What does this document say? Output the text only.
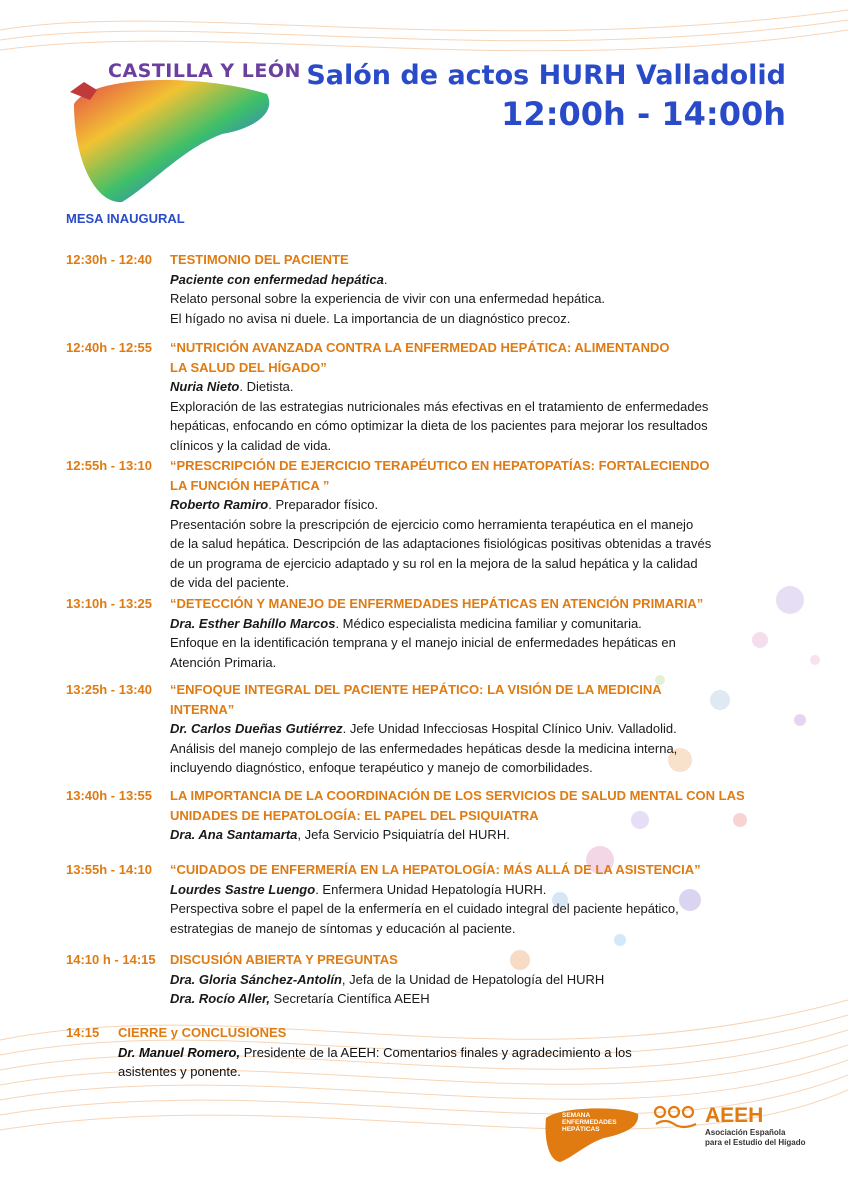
CASTILLA Y LEÓN Salón de actos HURH Valladolid
12:00h - 14:00h
MESA INAUGURAL
12:30h - 12:40 TESTIMONIO DEL PACIENTE
Paciente con enfermedad hepática.
Relato personal sobre la experiencia de vivir con una enfermedad hepática.
El hígado no avisa ni duele. La importancia de un diagnóstico precoz.
12:40h - 12:55 “NUTRICIÓN AVANZADA CONTRA LA ENFERMEDAD HEPÁTICA: ALIMENTANDO
LA SALUD DEL HÍGADO”
Nuria Nieto. Dietista.
Exploración de las estrategias nutricionales más efectivas en el tratamiento de enfermedades
hepáticas, enfocando en cómo optimizar la dieta de los pacientes para mejorar los resultados
clínicos y la calidad de vida.
12:55h - 13:10 “PRESCRIPCIÓN DE EJERCICIO TERAPÉUTICO EN HEPATOPATÍAS: FORTALECIENDO
LA FUNCIÓN HEPÁTICA ”
Roberto Ramiro. Preparador físico.
Presentación sobre la prescripción de ejercicio como herramienta terapéutica en el manejo
de la salud hepática. Descripción de las adaptaciones fisiológicas positivas obtenidas a través
de un programa de ejercicio adaptado y su rol en la mejora de la salud hepática y la calidad
de vida del paciente.
13:10h - 13:25 “DETECCIÓN Y MANEJO DE ENFERMEDADES HEPÁTICAS EN ATENCIÓN PRIMARIA”
Dra. Esther Bahíllo Marcos. Médico especialista medicina familiar y comunitaria.
Enfoque en la identificación temprana y el manejo inicial de enfermedades hepáticas en
Atención Primaria.
13:25h - 13:40 “ENFOQUE INTEGRAL DEL PACIENTE HEPÁTICO: LA VISIÓN DE LA MEDICINA
INTERNA”
Dr. Carlos Dueñas Gutiérrez. Jefe Unidad Infecciosas Hospital Clínico Univ. Valladolid.
Análisis del manejo complejo de las enfermedades hepáticas desde la medicina interna,
incluyendo diagnóstico, enfoque terapéutico y manejo de comorbilidades.
13:40h - 13:55 LA IMPORTANCIA DE LA COORDINACIÓN DE LOS SERVICIOS DE SALUD MENTAL CON LAS
UNIDADES DE HEPATOLOGÍA: EL PAPEL DEL PSIQUIATRA
Dra. Ana Santamarta, Jefa Servicio Psiquiatría del HURH.
13:55h - 14:10 “CUIDADOS DE ENFERMERÍA EN LA HEPATOLOGÍA: MÁS ALLÁ DE LA ASISTENCIA”
Lourdes Sastre Luengo. Enfermera Unidad Hepatología HURH.
Perspectiva sobre el papel de la enfermería en el cuidado integral del paciente hepático,
estrategias de manejo de síntomas y educación al paciente.
14:10 h - 14:15 DISCUSIÓN ABIERTA Y PREGUNTAS
Dra. Gloria Sánchez-Antolín, Jefa de la Unidad de Hepatología del HURH
Dra. Rocío Aller, Secretaría Científica AEEH
14:15 CIERRE y CONCLUSIONES
Dr. Manuel Romero, Presidente de la AEEH: Comentarios finales y agradecimiento a los
asistentes y ponente.
SEMANA
ENFERMEDADES
HEPÁTICAS
AEEH
Asociación Española
para el Estudio del Hígado
